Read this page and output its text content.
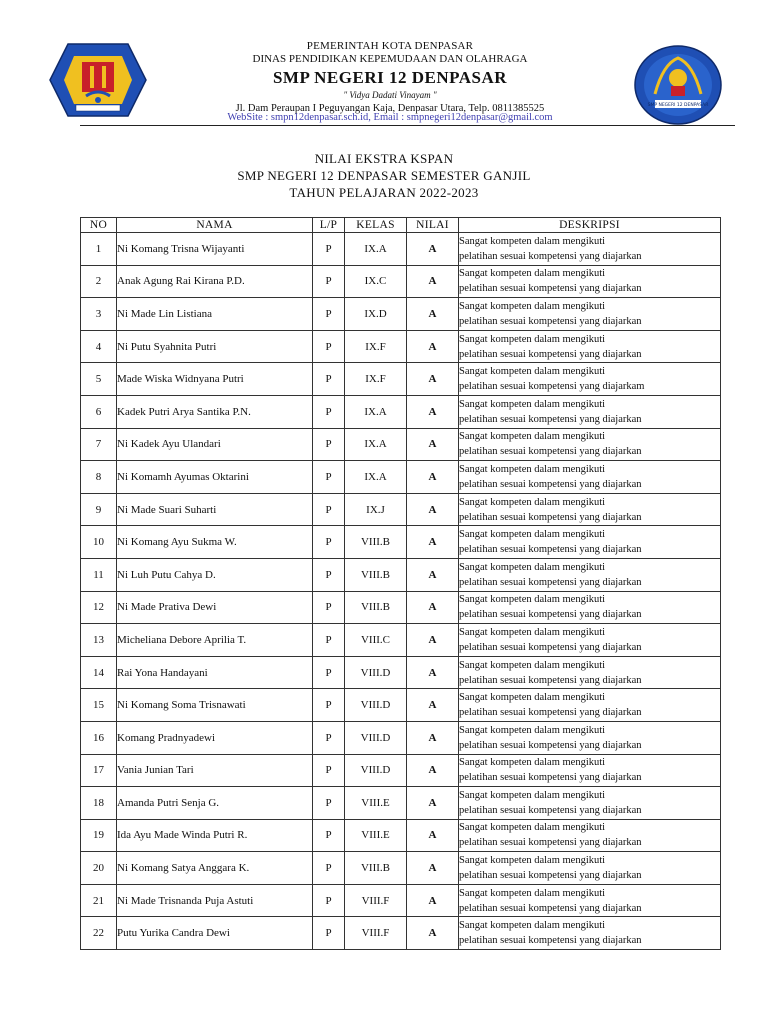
PEMERINTAH KOTA DENPASAR
DINAS PENDIDIKAN KEPEMUDAAN DAN OLAHRAGA
SMP NEGERI 12 DENPASAR
" Vidya Dadati Vinayam "
Jl. Dam Peraupan I Peguyangan Kaja, Denpasar Utara, Telp. 0811385525
WebSite : smpn12denpasar.sch.id, Email : smpnegeri12denpasar@gmail.com
SMP NEGERI 12 DENPASAR
NILAI EKSTRA KSPAN
SMP NEGERI 12 DENPASAR SEMESTER GANJIL
TAHUN PELAJARAN 2022-2023
NO	NAMA	L/P	KELAS	NILAI	DESKRIPSI
1	Ni Komang Trisna Wijayanti	P	IX.A	A	Sangat kompeten dalam mengikuti
pelatihan sesuai kompetensi yang diajarkan

2	Anak Agung Rai Kirana P.D.	P	IX.C	A	Sangat kompeten dalam mengikuti
pelatihan sesuai kompetensi yang diajarkan

3	Ni Made Lin Listiana	P	IX.D	A	Sangat kompeten dalam mengikuti
pelatihan sesuai kompetensi yang diajarkan

4	Ni Putu Syahnita Putri	P	IX.F	A	Sangat kompeten dalam mengikuti
pelatihan sesuai kompetensi yang diajarkan

5	Made Wiska Widnyana Putri	P	IX.F	A	Sangat kompeten dalam mengikuti
pelatihan sesuai kompetensi yang diajarkam

6	Kadek Putri Arya Santika P.N.	P	IX.A	A	Sangat kompeten dalam mengikuti
pelatihan sesuai kompetensi yang diajarkan

7	Ni Kadek Ayu Ulandari	P	IX.A	A	Sangat kompeten dalam mengikuti
pelatihan sesuai kompetensi yang diajarkan

8	Ni Komamh Ayumas Oktarini	P	IX.A	A	Sangat kompeten dalam mengikuti
pelatihan sesuai kompetensi yang diajarkan

9	Ni Made Suari Suharti	P	IX.J	A	Sangat kompeten dalam mengikuti
pelatihan sesuai kompetensi yang diajarkan

10	Ni Komang Ayu Sukma W.	P	VIII.B	A	Sangat kompeten dalam mengikuti
pelatihan sesuai kompetensi yang diajarkan

11	Ni Luh Putu Cahya D.	P	VIII.B	A	Sangat kompeten dalam mengikuti
pelatihan sesuai kompetensi yang diajarkan

12	Ni Made Prativa Dewi	P	VIII.B	A	Sangat kompeten dalam mengikuti
pelatihan sesuai kompetensi yang diajarkan

13	Micheliana Debore Aprilia T.	P	VIII.C	A	Sangat kompeten dalam mengikuti
pelatihan sesuai kompetensi yang diajarkan

14	Rai Yona Handayani	P	VIII.D	A	Sangat kompeten dalam mengikuti
pelatihan sesuai kompetensi yang diajarkan

15	Ni Komang Soma Trisnawati	P	VIII.D	A	Sangat kompeten dalam mengikuti
pelatihan sesuai kompetensi yang diajarkan

16	Komang Pradnyadewi	P	VIII.D	A	Sangat kompeten dalam mengikuti
pelatihan sesuai kompetensi yang diajarkan

17	Vania Junian Tari	P	VIII.D	A	Sangat kompeten dalam mengikuti
pelatihan sesuai kompetensi yang diajarkan

18	Amanda Putri Senja G.	P	VIII.E	A	Sangat kompeten dalam mengikuti
pelatihan sesuai kompetensi yang diajarkan

19	Ida Ayu Made Winda Putri R.	P	VIII.E	A	Sangat kompeten dalam mengikuti
pelatihan sesuai kompetensi yang diajarkan

20	Ni Komang Satya Anggara K.	P	VIII.B	A	Sangat kompeten dalam mengikuti
pelatihan sesuai kompetensi yang diajarkan

21	Ni Made Trisnanda Puja Astuti	P	VIII.F	A	Sangat kompeten dalam mengikuti
pelatihan sesuai kompetensi yang diajarkan

22	Putu Yurika Candra Dewi	P	VIII.F	A	Sangat kompeten dalam mengikuti
pelatihan sesuai kompetensi yang diajarkan
